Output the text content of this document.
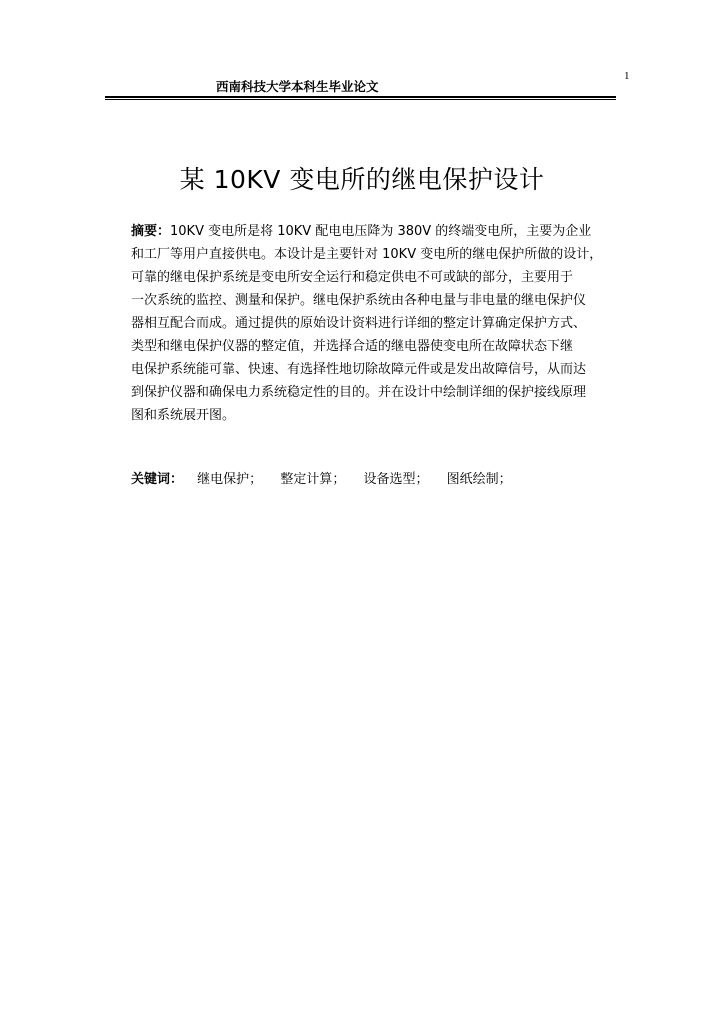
1
西南科技大学本科生毕业论文
某 10KV 变电所的继电保护设计
摘要：10KV 变电所是将 10KV 配电电压降为 380V 的终端变电所，主要为企业
和工厂等用户直接供电。本设计是主要针对 10KV 变电所的继电保护所做的设计，
可靠的继电保护系统是变电所安全运行和稳定供电不可或缺的部分，主要用于
一次系统的监控、测量和保护。继电保护系统由各种电量与非电量的继电保护仪
器相互配合而成。通过提供的原始设计资料进行详细的整定计算确定保护方式、
类型和继电保护仪器的整定值，并选择合适的继电器使变电所在故障状态下继
电保护系统能可靠、快速、有选择性地切除故障元件或是发出故障信号，从而达
到保护仪器和确保电力系统稳定性的目的。并在设计中绘制详细的保护接线原理
图和系统展开图。
关键词： 继电保护； 整定计算； 设备选型； 图纸绘制；
